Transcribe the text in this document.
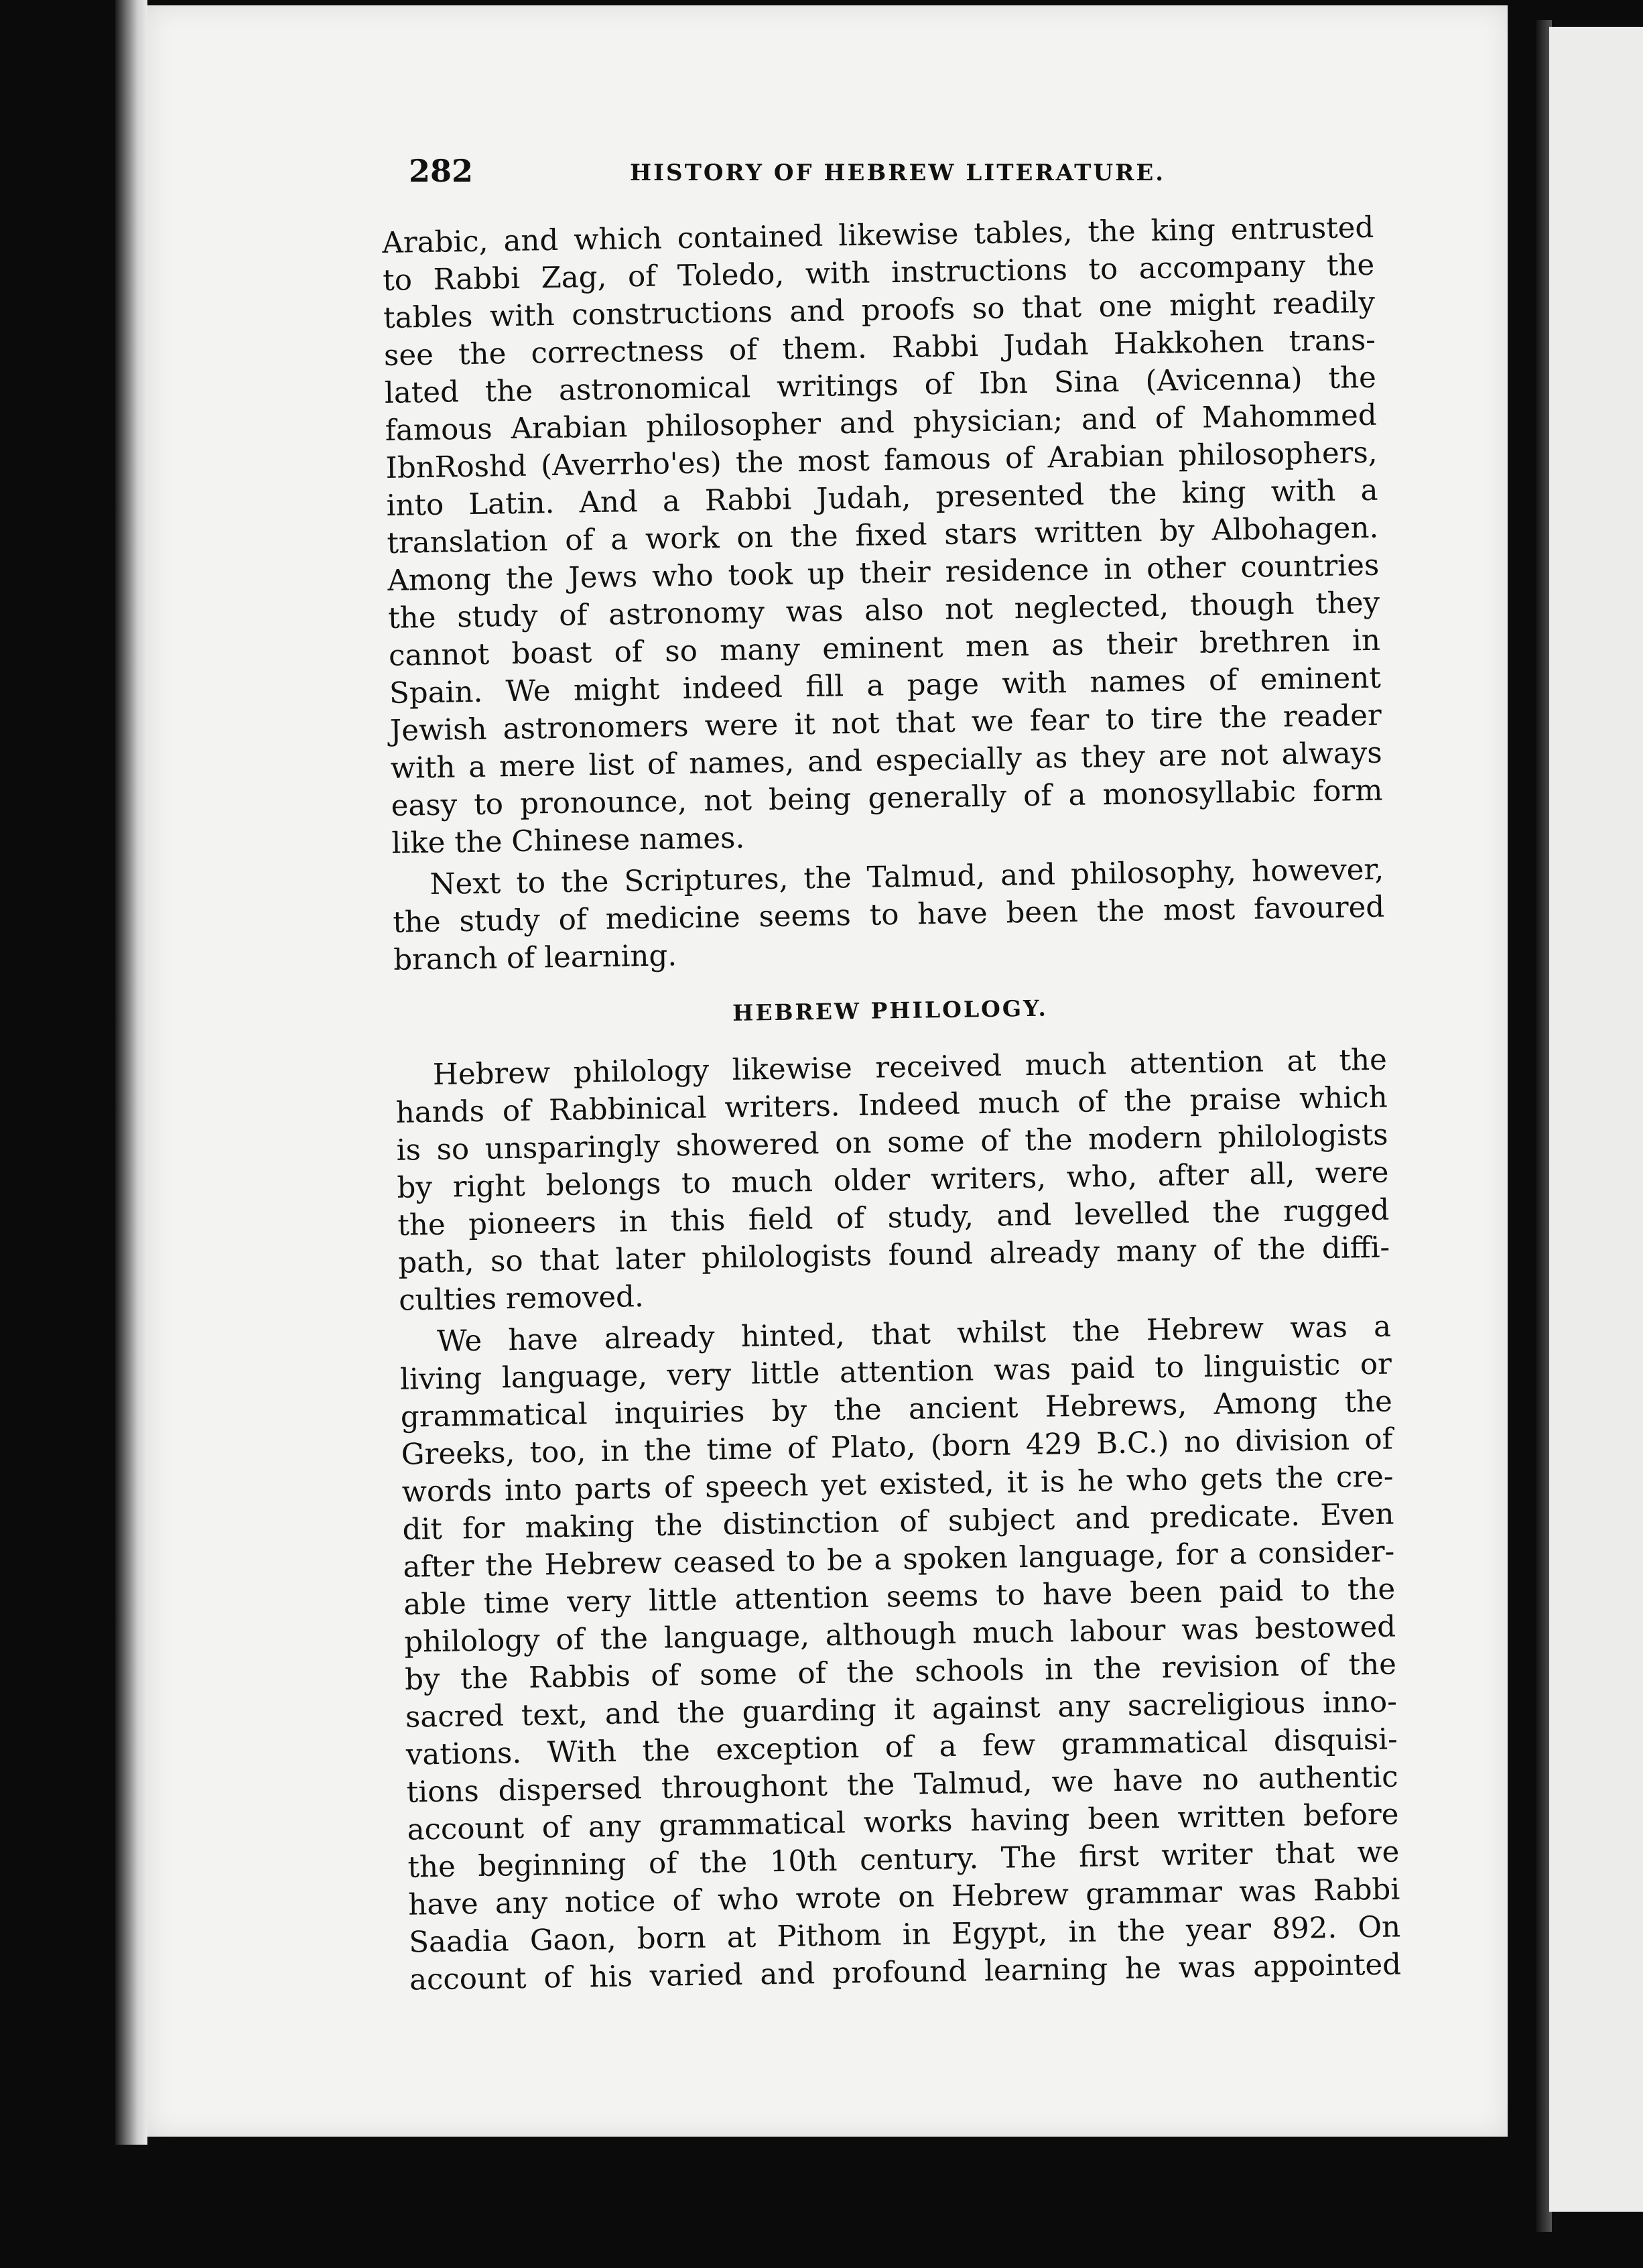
282	HISTORY OF HEBREW LITERATURE.
Arabic, and which contained likewise tables, the king entrusted
to Rabbi Zag, of Toledo, with instructions to accompany the
tables with constructions and proofs so that one might readily
see the correctness of them. Rabbi Judah Hakkohen trans-
lated the astronomical writings of Ibn Sina (Avicenna) the
famous Arabian philosopher and physician; and of Mahommed
IbnRoshd (Averrho'es) the most famous of Arabian philosophers,
into Latin. And a Rabbi Judah, presented the king with a
translation of a work on the fixed stars written by Albohagen.
Among the Jews who took up their residence in other countries
the study of astronomy was also not neglected, though they
cannot boast of so many eminent men as their brethren in
Spain. We might indeed fill a page with names of eminent
Jewish astronomers were it not that we fear to tire the reader
with a mere list of names, and especially as they are not always
easy to pronounce, not being generally of a monosyllabic form
like the Chinese names.
Next to the Scriptures, the Talmud, and philosophy, however,
the study of medicine seems to have been the most favoured
branch of learning.
HEBREW PHILOLOGY.
Hebrew philology likewise received much attention at the
hands of Rabbinical writers. Indeed much of the praise which
is so unsparingly showered on some of the modern philologists
by right belongs to much older writers, who, after all, were
the pioneers in this field of study, and levelled the rugged
path, so that later philologists found already many of the diffi-
culties removed.
We have already hinted, that whilst the Hebrew was a
living language, very little attention was paid to linguistic or
grammatical inquiries by the ancient Hebrews, Among the
Greeks, too, in the time of Plato, (born 429 B.C.) no division of
words into parts of speech yet existed, it is he who gets the cre-
dit for making the distinction of subject and predicate. Even
after the Hebrew ceased to be a spoken language, for a consider-
able time very little attention seems to have been paid to the
philology of the language, although much labour was bestowed
by the Rabbis of some of the schools in the revision of the
sacred text, and the guarding it against any sacreligious inno-
vations. With the exception of a few grammatical disquisi-
tions dispersed throughont the Talmud, we have no authentic
account of any grammatical works having been written before
the beginning of the 10th century. The first writer that we
have any notice of who wrote on Hebrew grammar was Rabbi
Saadia Gaon, born at Pithom in Egypt, in the year 892. On
account of his varied and profound learning he was appointed
